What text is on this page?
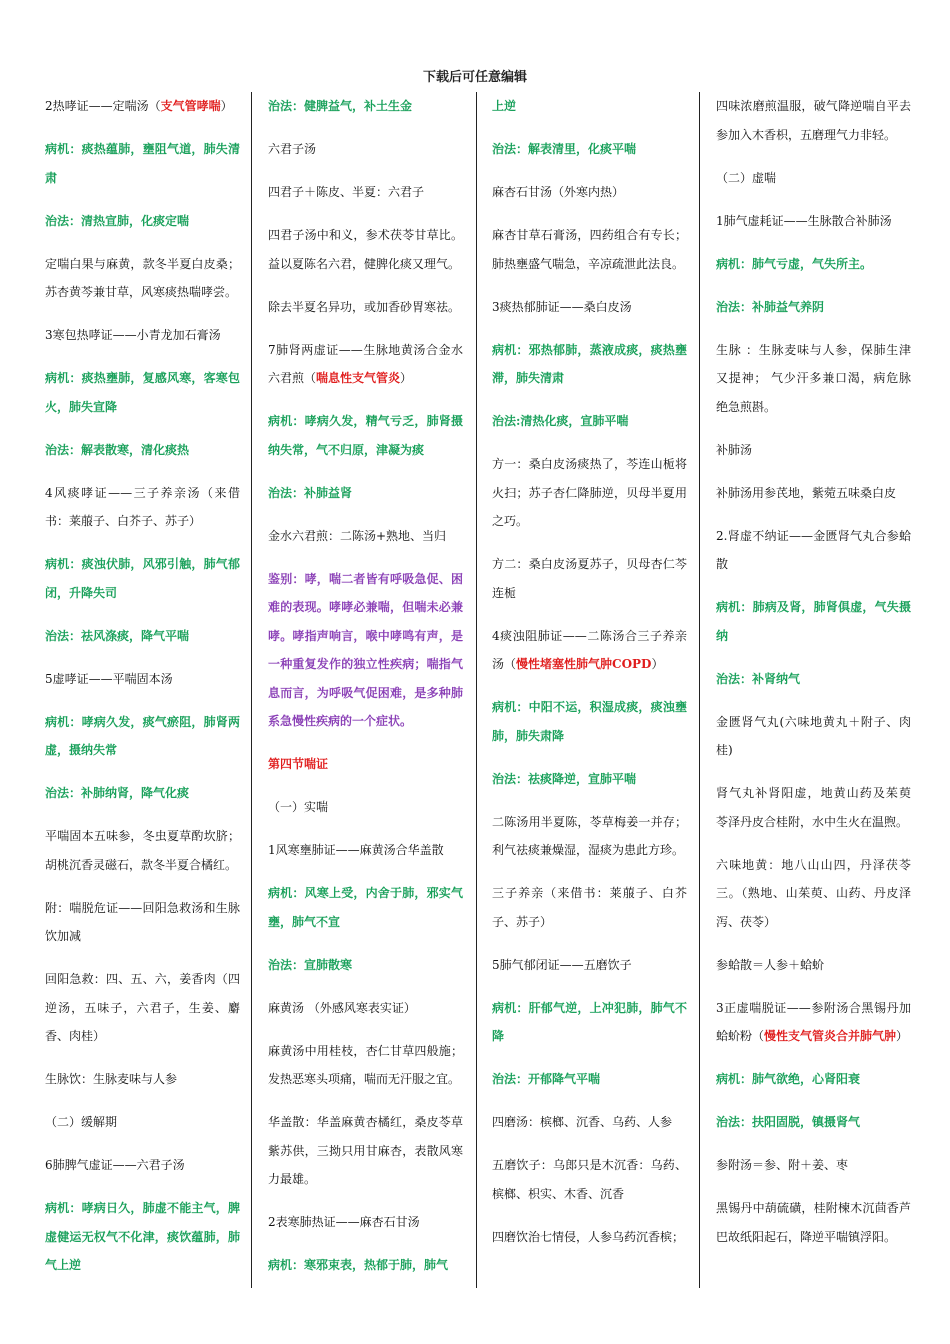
下载后可任意编辑

2热哮证——定喘汤（支气管哮喘）

病机：痰热蕴肺，壅阻气道，肺失清肃

治法：清热宣肺，化痰定喘

定喘白果与麻黄，款冬半夏白皮桑；苏杏黄芩兼甘草，风寒痰热喘哮尝。

3寒包热哮证——小青龙加石膏汤

病机：痰热壅肺，复感风寒，客寒包火，肺失宣降

治法：解表散寒，清化痰热

4风痰哮证——三子养亲汤（来借书：莱菔子、白芥子、苏子）

病机：痰浊伏肺，风邪引触，肺气郁闭，升降失司

治法：祛风涤痰，降气平喘

5虚哮证——平喘固本汤

病机：哮病久发，痰气瘀阻，肺肾两虚，摄纳失常

治法：补肺纳肾，降气化痰

平喘固本五味参，冬虫夏草酌坎脐；胡桃沉香灵磁石，款冬半夏合橘红。

附：喘脱危证——回阳急救汤和生脉饮加减

回阳急救：四、五、六，姜香肉（四逆汤，五味子，六君子，生姜、麝香、肉桂）

生脉饮：生脉麦味与人参

（二）缓解期

6肺脾气虚证——六君子汤

病机：哮病日久，肺虚不能主气，脾虚健运无权气不化津，痰饮蕴肺，肺气上逆

治法：健脾益气，补土生金

六君子汤

四君子＋陈皮、半夏：六君子

四君子汤中和义，参术茯苓甘草比。益以夏陈名六君，健脾化痰又理气。

除去半夏名异功，或加香砂胃寒祛。

7肺肾两虚证——生脉地黄汤合金水六君煎（喘息性支气管炎）

病机：哮病久发，精气亏乏，肺肾摄纳失常，气不归原，津凝为痰

治法：补肺益肾

金水六君煎：二陈汤+熟地、当归

鉴别：哮，喘二者皆有呼吸急促、困难的表现。哮哮必兼喘，但喘未必兼哮。哮指声响言，喉中哮鸣有声，是一种重复发作的独立性疾病；喘指气息而言，为呼吸气促困难，是多种肺系急慢性疾病的一个症状。

第四节喘证

（一）实喘

1风寒壅肺证——麻黄汤合华盖散

病机：风寒上受，内舍于肺，邪实气壅，肺气不宣

治法：宣肺散寒

麻黄汤 （外感风寒表实证）

麻黄汤中用桂枝，杏仁甘草四般施；发热恶寒头项痛，喘而无汗服之宜。

华盖散：华盖麻黄杏橘红，桑皮苓草紫苏供，三拗只用甘麻杏，表散风寒力最雄。

2表寒肺热证——麻杏石甘汤

病机：寒邪束表，热郁于肺，肺气

上逆

治法：解表清里，化痰平喘

麻杏石甘汤（外寒内热）

麻杏甘草石膏汤，四药组合有专长；肺热壅盛气喘急，辛凉疏泄此法良。

3痰热郁肺证——桑白皮汤

病机：邪热郁肺，蒸液成痰，痰热壅滞，肺失清肃

治法:清热化痰，宣肺平喘

方一：桑白皮汤痰热了，芩连山栀将火扫；苏子杏仁降肺逆，贝母半夏用之巧。

方二：桑白皮汤夏苏子，贝母杏仁芩连栀

4痰浊阻肺证——二陈汤合三子养亲汤（慢性堵塞性肺气肿COPD）

病机：中阳不运，积湿成痰，痰浊壅肺，肺失肃降

治法：祛痰降逆，宣肺平喘

二陈汤用半夏陈，苓草梅姜一并存；利气祛痰兼燥湿，湿痰为患此方珍。

三子养亲（来借书：莱菔子、白芥子、苏子）

5肺气郁闭证——五磨饮子

病机：肝郁气逆，上冲犯肺，肺气不降

治法：开郁降气平喘

四磨汤：槟榔、沉香、乌药、人参

五磨饮子：乌郎只是木沉香：乌药、槟榔、枳实、木香、沉香

四磨饮治七情侵，人参乌药沉香槟；

四味浓磨煎温服，破气降逆喘自平去参加入木香枳，五磨理气力非轻。

（二）虚喘

1肺气虚耗证——生脉散合补肺汤

病机：肺气亏虚，气失所主。

治法：补肺益气养阴

生脉 ：生脉麦味与人参，保肺生津又提神； 气少汗多兼口渴，病危脉绝急煎斟。

补肺汤

补肺汤用参芪地，紫菀五味桑白皮

2.肾虚不纳证——金匮肾气丸合参蛤散

病机：肺病及肾，肺肾俱虚，气失摄纳

治法：补肾纳气

金匮肾气丸(六味地黄丸＋附子、肉桂)

肾气丸补肾阳虚，地黄山药及茱萸 苓泽丹皮合桂附，水中生火在温煦。

六味地黄：地八山山四，丹泽茯苓三。（熟地、山茱萸、山药、丹皮泽泻、茯苓）

参蛤散＝人参＋蛤蚧

3正虚喘脱证——参附汤合黑锡丹加蛤蚧粉（慢性支气管炎合并肺气肿）

病机：肺气欲绝，心肾阳衰

治法：扶阳固脱，镇摄肾气

参附汤＝参、附＋姜、枣

黑锡丹中葫硫磺，桂附楝木沉茴香芦巴故纸阳起石，降逆平喘镇浮阳。
